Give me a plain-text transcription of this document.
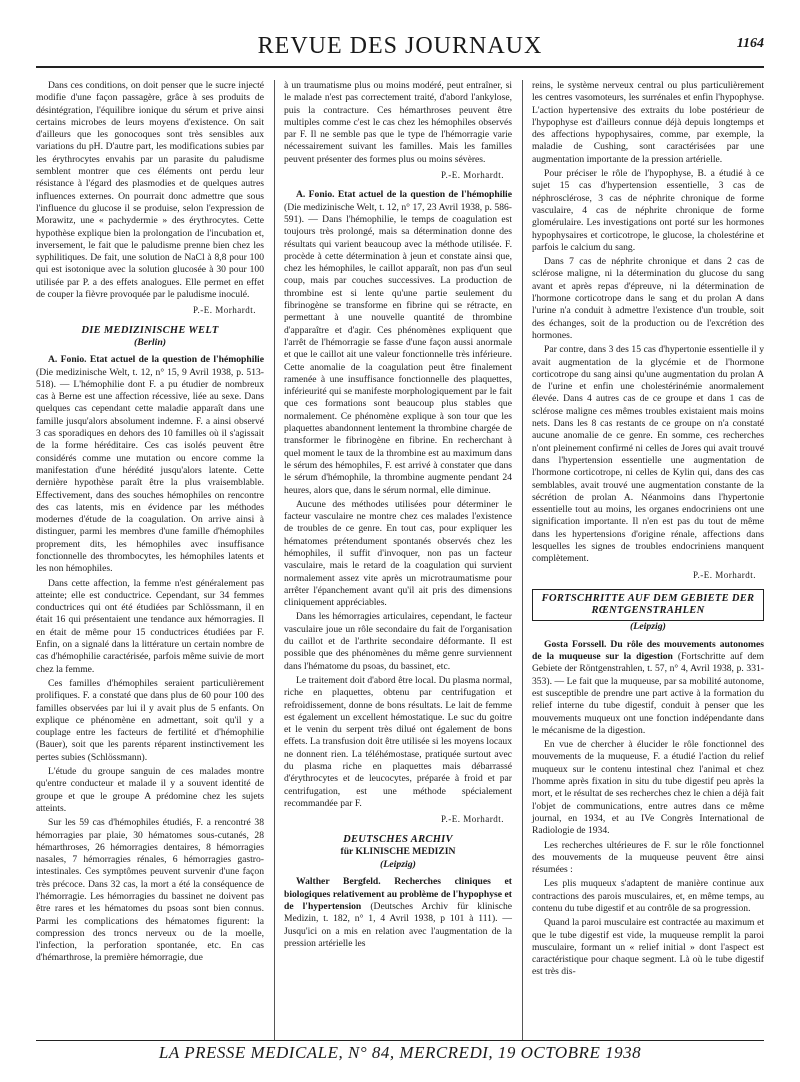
REVUE DES JOURNAUX	1164

Dans ces conditions, on doit penser que le sucre injecté modifie d'une façon passagère, grâce à ses produits de désintégration, l'équilibre ionique du sérum et prive ainsi certains microbes de leurs moyens d'existence. On sait d'ailleurs que les gonocoques sont très sensibles aux variations du pH. D'autre part, les modifications subies par les érythrocytes envahis par un parasite du paludisme semblent montrer que ces éléments ont perdu leur résistance à l'égard des plasmodies et de quelques autres influences externes. On pourrait donc admettre que sous l'influence du glucose il se produise, selon l'expression de Morawitz, une « pachydermie » des érythrocytes. Cette hypothèse explique bien la prolongation de l'incubation et, inversement, le fait que le paludisme prenne bien chez les syphilitiques. De fait, une solution de NaCl à 8,8 pour 100 qui est isotonique avec la solution glucosée à 30 pour 100 utilisée par P. a des effets analogues. Elle permet en effet de couper la fièvre provoquée par le paludisme inoculé.

P.-E. Morhardt.

DIE MEDIZINISCHE WELT

(Berlin)

A. Fonio. Etat actuel de la question de l'hémophilie (Die medizinische Welt, t. 12, n° 15, 9 Avril 1938, p. 513-518). — L'hémophilie dont F. a pu étudier de nombreux cas à Berne est une affection récessive, liée au sexe. Dans quelques cas cependant cette maladie apparaît dans une famille jusqu'alors absolument indemne. F. a ainsi observé 3 cas sporadiques en dehors des 10 familles où il s'agissait de la forme héréditaire. Ces cas isolés peuvent être considérés comme une mutation ou encore comme la manifestation d'une hérédité jusqu'alors latente. Cette dernière hypothèse paraît être la plus vraisemblable. Effectivement, dans des souches hémophiles on rencontre des cas latents, mis en évidence par les méthodes modernes d'étude de la coagulation. On arrive ainsi à distinguer, parmi les membres d'une famille d'hémophiles proprement dits, les hémophiles avec insuffisance fonctionnelle des thrombocytes, les hémophiles latents et les non hémophiles.

Dans cette affection, la femme n'est généralement pas atteinte; elle est conductrice. Cependant, sur 34 femmes conductrices qui ont été étudiées par Schlössmann, il en était 16 qui présentaient une tendance aux hémorragies. Il en était de même pour 15 conductrices étudiées par F. Enfin, on a signalé dans la littérature un certain nombre de cas d'hémophilie caractérisée, parfois même suivie de mort chez la femme.

Ces familles d'hémophiles seraient particulièrement prolifiques. F. a constaté que dans plus de 60 pour 100 des familles observées par lui il y avait plus de 5 enfants. On explique ce phénomène en admettant, soit qu'il y a couplage entre les facteurs de fertilité et d'hémophilie (Bauer), soit que les parents réparent instinctivement les pertes subies (Schlössmann).

L'étude du groupe sanguin de ces malades montre qu'entre conducteur et malade il y a souvent identité de groupe et que le groupe A prédomine chez les sujets atteints.

Sur les 59 cas d'hémophiles étudiés, F. a rencontré 38 hémorragies par plaie, 30 hématomes sous-cutanés, 28 hémarthroses, 26 hémorragies dentaires, 8 hémorragies nasales, 7 hémorragies rénales, 6 hémorragies gastro-intestinales. Ces symptômes peuvent survenir d'une façon très précoce. Dans 32 cas, la mort a été la conséquence de l'hémorragie. Les hémorragies du bassinet ne doivent pas être rares et les hématomes du psoas sont bien connus. Parmi les complications des hématomes figurent: la compression des troncs nerveux ou de la moelle, l'infection, la perforation spontanée, etc. En cas d'hémarthrose, la première hémorragie, due

à un traumatisme plus ou moins modéré, peut entraîner, si le malade n'est pas correctement traité, d'abord l'ankylose, puis la contracture. Ces hémarthroses peuvent être multiples comme c'est le cas chez les hémophiles observés par F. Il ne semble pas que le type de l'hémorragie varie nécessairement suivant les familles. Mais les familles peuvent présenter des formes plus ou moins sévères.

P.-E. Morhardt.

A. Fonio. Etat actuel de la question de l'hémophilie (Die medizinische Welt, t. 12, n° 17, 23 Avril 1938, p. 586-591). — Dans l'hémophilie, le temps de coagulation est toujours très prolongé, mais sa détermination donne des résultats qui varient beaucoup avec la méthode utilisée. F. procède à cette détermination à jeun et constate ainsi que, chez les hémophiles, le caillot apparaît, non pas d'un seul coup, mais par couches successives. La production de thrombine est si lente qu'une partie seulement du fibrinogène se transforme en fibrine qui se rétracte, en permettant à une nouvelle quantité de thrombine d'apparaître et d'agir. Ces phénomènes expliquent que l'arrêt de l'hémorragie se fasse d'une façon aussi anormale et que le caillot ait une valeur fonctionnelle très inférieure. Cette anomalie de la coagulation peut être finalement ramenée à une insuffisance fonctionnelle des plaquettes, inférieurité qui se manifeste morphologiquement par le fait que ces formations sont beaucoup plus stables que normalement. Ce phénomène explique à son tour que les plaquettes abandonnent lentement la thrombine chargée de transformer le fibrinogène en fibrine. En recherchant à quel moment le taux de la thrombine est au maximum dans le sérum des hémophiles, F. est arrivé à constater que dans le sérum d'hémophile, la thrombine augmente pendant 24 heures, alors que, dans le sérum normal, elle diminue.

Aucune des méthodes utilisées pour déterminer le facteur vasculaire ne montre chez ces malades l'existence de troubles de ce genre. En tout cas, pour expliquer les hématomes prétendument spontanés observés chez les hémophiles, il suffit d'invoquer, non pas un facteur vasculaire, mais le retard de la coagulation qui survient normalement assez vite après un microtraumatisme pour arrêter l'épanchement avant qu'il ait pris des dimensions cliniquement appréciables.

Dans les hémorragies articulaires, cependant, le facteur vasculaire joue un rôle secondaire du fait de l'organisation du caillot et de l'arthrite secondaire déformante. Il est possible que des phénomènes du même genre surviennent dans l'hématome du psoas, du bassinet, etc.

Le traitement doit d'abord être local. Du plasma normal, riche en plaquettes, obtenu par centrifugation et refroidissement, donne de bons résultats. Le lait de femme est également un excellent hémostatique. Le suc du goitre et le venin du serpent très dilué ont également de bons effets. La transfusion doit être utilisée si les moyens locaux ne donnent rien. La téléhémostase, pratiquée surtout avec du plasma riche en plaquettes mais débarrassé d'érythrocytes et de leucocytes, préparée à froid et par centrifugation, est une méthode spécialement recommandée par F.

P.-E. Morhardt.

DEUTSCHES ARCHIV

für KLINISCHE MEDIZIN

(Leipzig)

Walther Bergfeld. Recherches cliniques et biologiques relativement au problème de l'hypophyse et de l'hypertension (Deutsches Archiv für klinische Medizin, t. 182, n° 1, 4 Avril 1938, p 101 à 111). — Jusqu'ici on a mis en relation avec l'augmentation de la pression artérielle les

reins, le système nerveux central ou plus particulièrement les centres vasomoteurs, les surrénales et enfin l'hypophyse. L'action hypertensive des extraits du lobe postérieur de l'hypophyse est d'ailleurs connue déjà depuis longtemps et des affections hypophysaires, comme, par exemple, la maladie de Cushing, sont caractérisées par une augmentation importante de la pression artérielle.

Pour préciser le rôle de l'hypophyse, B. a étudié à ce sujet 15 cas d'hypertension essentielle, 3 cas de néphrosclérose, 3 cas de néphrite chronique de forme vasculaire, 4 cas de néphrite chronique de forme glomérulaire. Les investigations ont porté sur les hormones hypophysaires et corticotrope, le glucose, la cholestérine et parfois le calcium du sang.

Dans 7 cas de néphrite chronique et dans 2 cas de sclérose maligne, ni la détermination du glucose du sang avant et après repas d'épreuve, ni la détermination de l'hormone corticotrope dans le sang et du prolan A dans l'urine n'a conduit à admettre l'existence d'un trouble, soit des échanges, soit de la production ou de l'excrétion des hormones.

Par contre, dans 3 des 15 cas d'hypertonie essentielle il y avait augmentation de la glycémie et de l'hormone corticotrope du sang ainsi qu'une augmentation du prolan A de l'urine et enfin une cholestérinémie anormalement élevée. Dans 4 autres cas de ce groupe et dans 1 cas de sclérose maligne ces mêmes troubles existaient mais moins nets. Dans les 8 cas restants de ce groupe on n'a constaté aucune anomalie de ce genre. En somme, ces recherches n'ont pleinement confirmé ni celles de Jores qui avait trouvé dans l'hypertension essentielle une augmentation de l'hormone corticotrope, ni celles de Kylin qui, dans des cas semblables, avait trouvé une augmentation constante de la sécrétion de prolan A. Néanmoins dans l'hypertonie essentielle tout au moins, les organes endocriniens ont une signification importante. Il n'en est pas du tout de même dans les hypertensions d'origine rénale, affections dans lesquelles les signes de troubles endocriniens manquent complètement.

P.-E. Morhardt.

FORTSCHRITTE AUF DEM GEBIETE DER RŒNTGENSTRAHLEN

(Leipzig)

Gosta Forssell. Du rôle des mouvements autonomes de la muqueuse sur la digestion (Fortschritte auf dem Gebiete der Röntgenstrahlen, t. 57, n° 4, Avril 1938, p. 331-353). — Le fait que la muqueuse, par sa mobilité autonome, est susceptible de prendre une part active à la formation du relief interne du tube digestif, conduit à penser que les mouvements muqueux ont une fonction indépendante dans le mécanisme de la digestion.

En vue de chercher à élucider le rôle fonctionnel des mouvements de la muqueuse, F. a étudié l'action du relief muqueux sur le contenu intestinal chez l'animal et chez l'homme après fixation in situ du tube digestif peu après la mort, et le résultat de ses recherches chez le chien a déjà fait l'objet de communications, entre autres dans ce même journal, en 1934, et au IVe Congrès International de Radiologie de 1934.

Les recherches ultérieures de F. sur le rôle fonctionnel des mouvements de la muqueuse peuvent être ainsi résumées :

Les plis muqueux s'adaptent de manière continue aux contractions des parois musculaires, et, en même temps, au contenu du tube digestif et au contrôle de sa progression.

Quand la paroi musculaire est contractée au maximum et que le tube digestif est vide, la muqueuse remplit la paroi musculaire, formant un « relief initial » dont l'aspect est caractéristique pour chaque segment. Là où le tube digestif est très dis-

LA PRESSE MEDICALE, N° 84, MERCREDI, 19 OCTOBRE 1938
